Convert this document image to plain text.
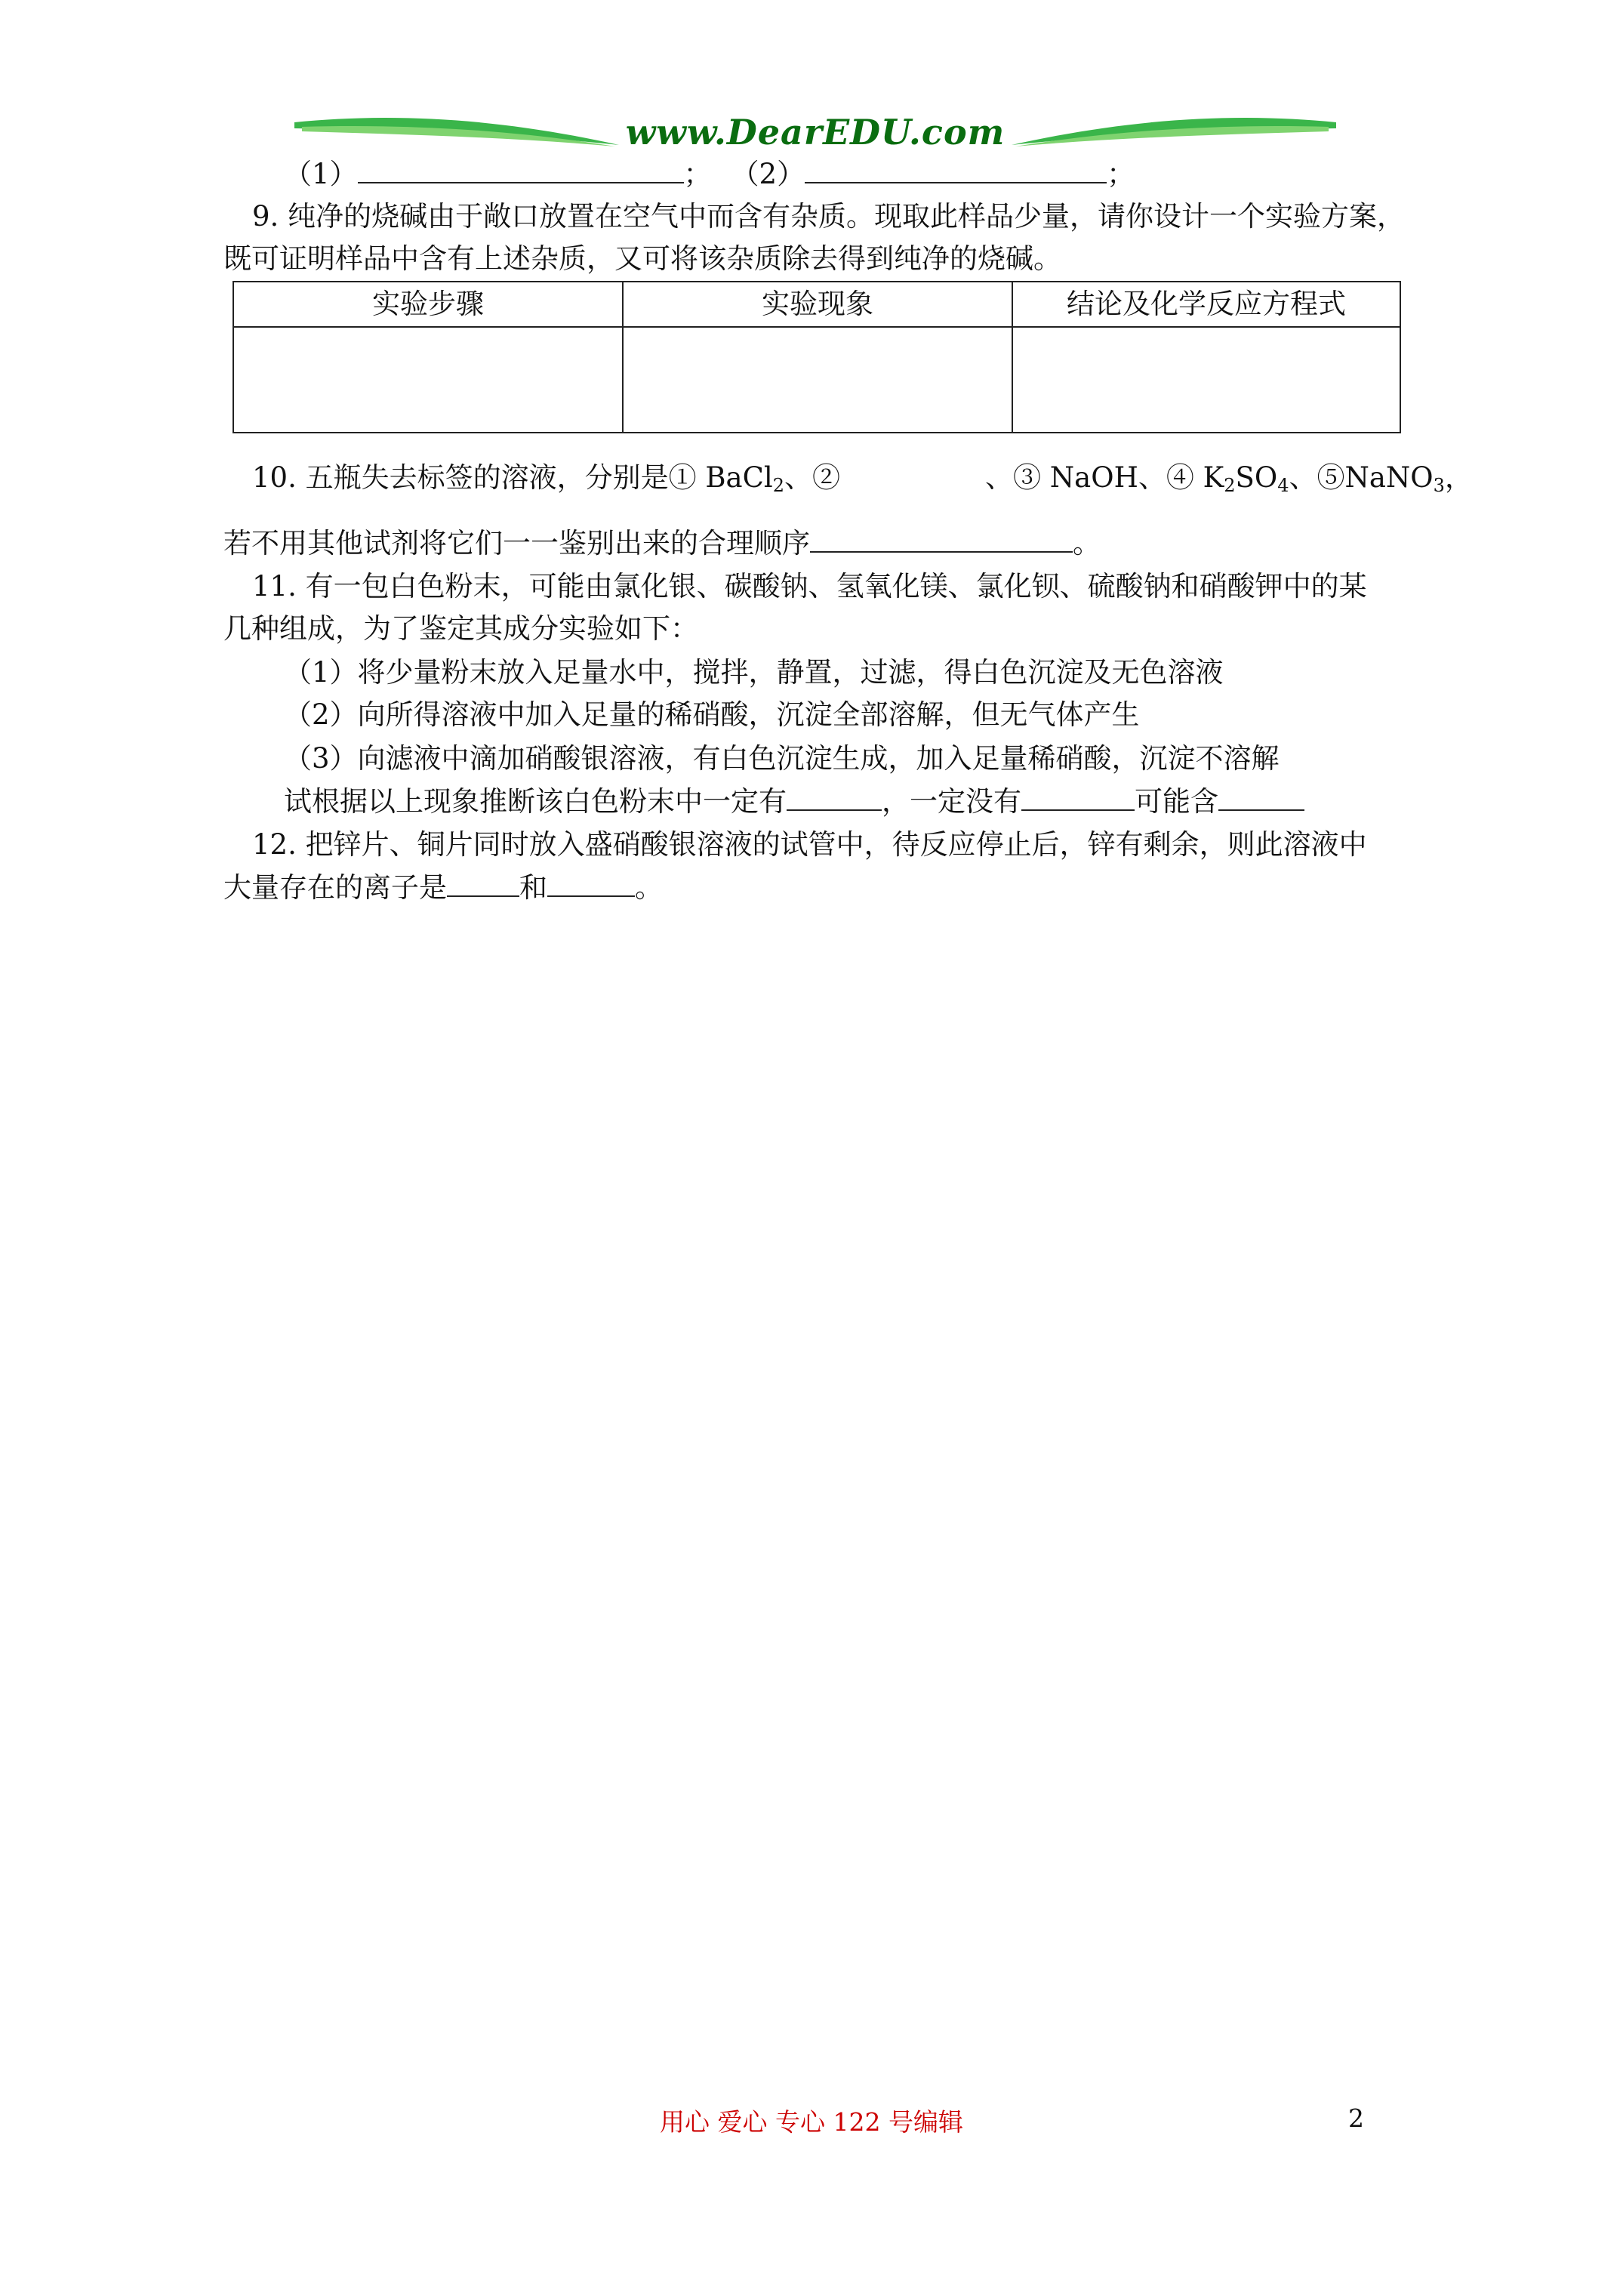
www.DearEDU.com
（1）	； （2）	；
9. 纯净的烧碱由于敞口放置在空气中而含有杂质。现取此样品少量，请你设计一个实验方案，
既可证明样品中含有上述杂质，又可将该杂质除去得到纯净的烧碱。
实验步骤	实验现象	结论及化学反应方程式
10. 五瓶失去标签的溶液，分别是① BaCl$_2$、②	、③ NaOH、④ $K_2SO_4$、⑤NaNO$_3$，
若不用其他试剂将它们一一鉴别出来的合理顺序	。
11. 有一包白色粉末，可能由氯化银、碳酸钠、氢氧化镁、氯化钡、硫酸钠和硝酸钾中的某
几种组成，为了鉴定其成分实验如下：
（1）将少量粉末放入足量水中，搅拌，静置，过滤，得白色沉淀及无色溶液
（2）向所得溶液中加入足量的稀硝酸，沉淀全部溶解，但无气体产生
（3）向滤液中滴加硝酸银溶液，有白色沉淀生成，加入足量稀硝酸，沉淀不溶解
试根据以上现象推断该白色粉末中一定有	，一定没有	可能含
12. 把锌片、铜片同时放入盛硝酸银溶液的试管中，待反应停止后，锌有剩余，则此溶液中
大量存在的离子是	和	。
用心 爱心 专心 122 号编辑	2
